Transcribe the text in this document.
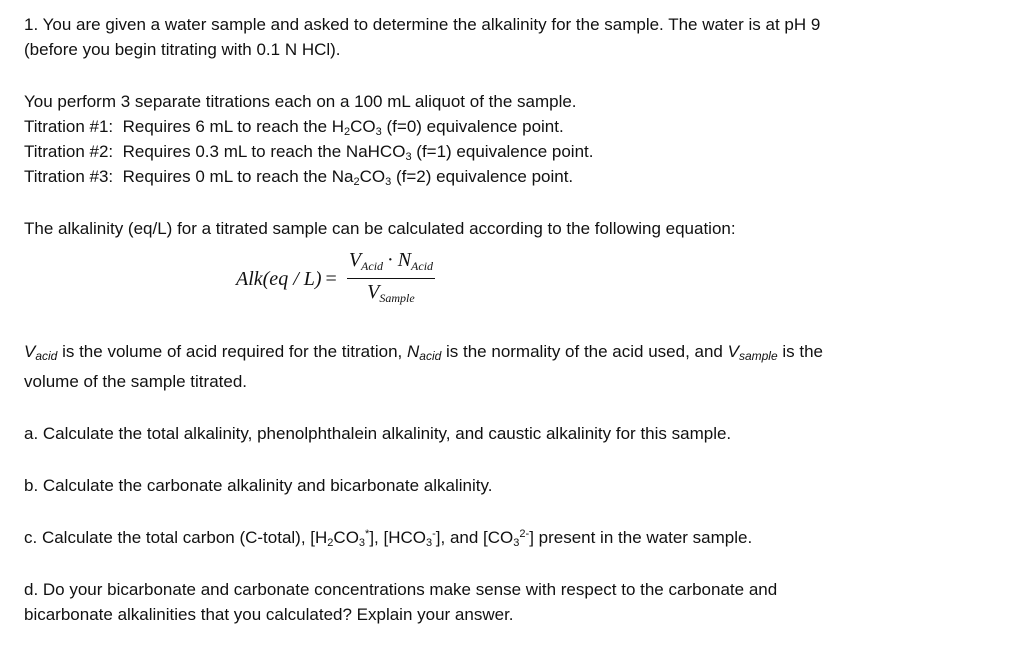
1. You are given a water sample and asked to determine the alkalinity for the sample. The water is at pH 9

(before you begin titrating with 0.1 N HCl).

You perform 3 separate titrations each on a 100 mL aliquot of the sample.

Titration #1: Requires 6 mL to reach the $H_2CO_3$ (f=0) equivalence point.

Titration #2: Requires 0.3 mL to reach the NaHCO$_3$ (f=1) equivalence point.

Titration #3: Requires 0 mL to reach the $Na_2CO_3$ (f=2) equivalence point.

The alkalinity (eq/L) for a titrated sample can be calculated according to the following equation:

$Alk(eq / L) = \frac{V_{Acid} \cdot N_{Acid}}{V_{Sample}}$

Vacid is the volume of acid required for the titration, Nacid is the normality of the acid used, and Vsample is the

volume of the sample titrated.

a. Calculate the total alkalinity, phenolphthalein alkalinity, and caustic alkalinity for this sample.

b. Calculate the carbonate alkalinity and bicarbonate alkalinity.

c. Calculate the total carbon (C-total), $[H_2CO_3^*]$, $[HCO_3^-]$, and $[CO_3^{2-}]$ present in the water sample.

d. Do your bicarbonate and carbonate concentrations make sense with respect to the carbonate and

bicarbonate alkalinities that you calculated? Explain your answer.
